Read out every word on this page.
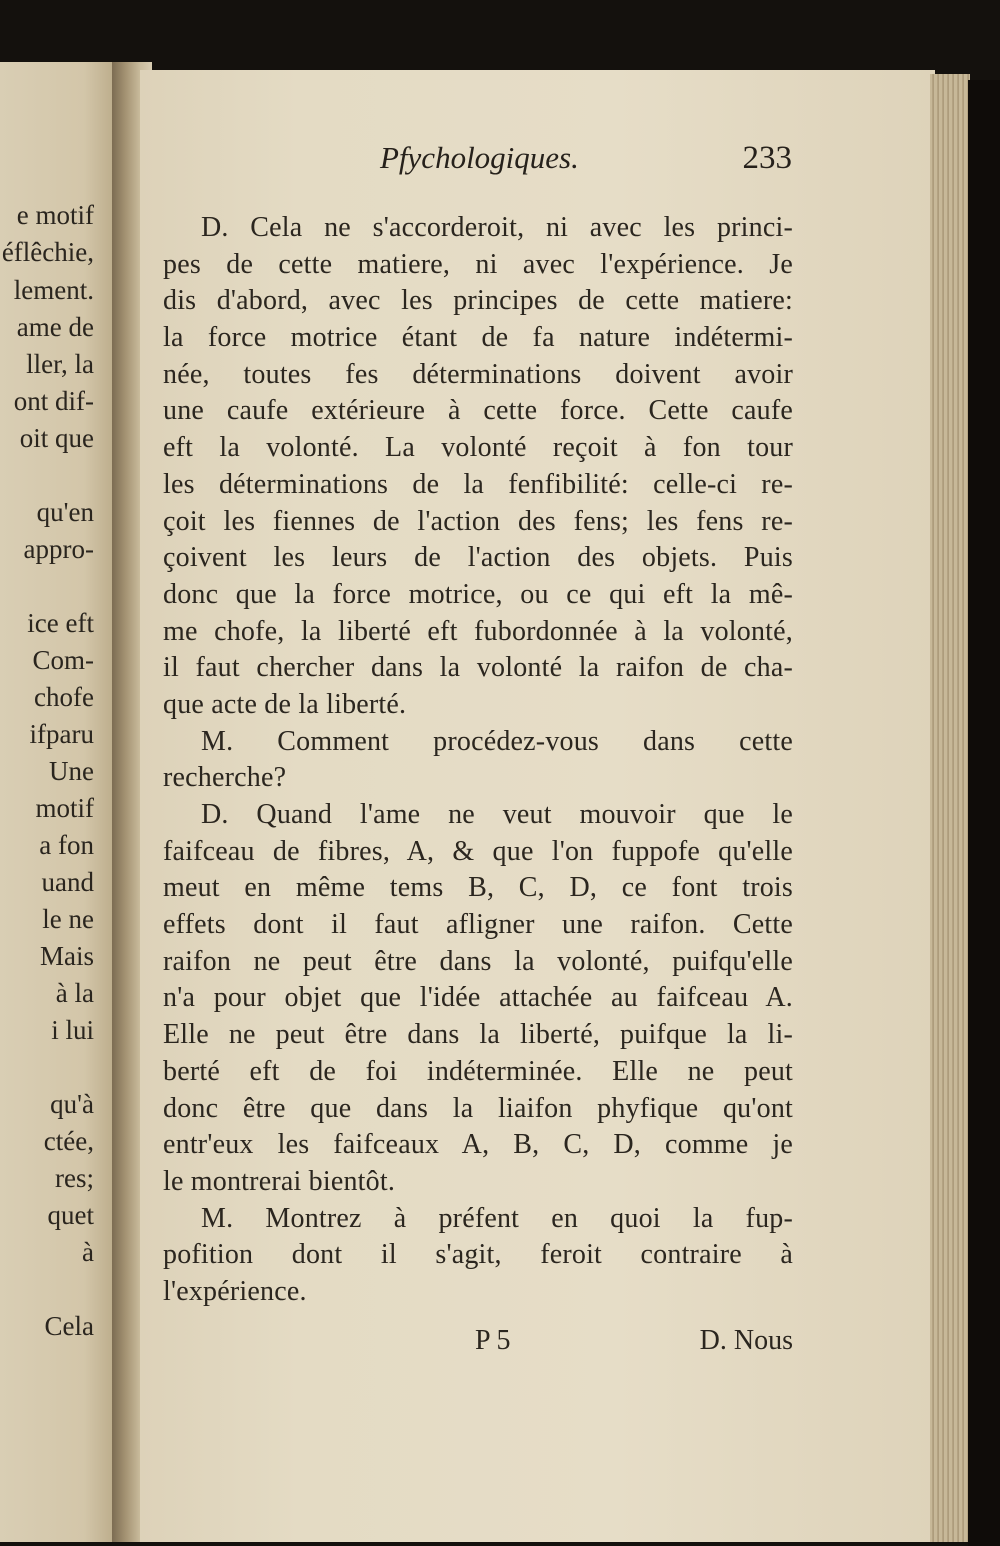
e motif
éflêchie,
lement.
ame de
ller, la
ont dif-
oit que
qu'en
appro-
ice eft
Com-
chofe
ifparu
Une
motif
a fon
uand
le ne
Mais
à la
i lui
qu'à
ctée,
res;
quet
à
Cela
Pfychologiques.	233
D. Cela ne s'accorderoit, ni avec les princi-
pes de cette matiere, ni avec l'expérience. Je
dis d'abord, avec les principes de cette matiere:
la force motrice étant de fa nature indétermi-
née, toutes fes déterminations doivent avoir
une caufe extérieure à cette force. Cette caufe
eft la volonté. La volonté reçoit à fon tour
les déterminations de la fenfibilité: celle-ci re-
çoit les fiennes de l'action des fens; les fens re-
çoivent les leurs de l'action des objets. Puis
donc que la force motrice, ou ce qui eft la mê-
me chofe, la liberté eft fubordonnée à la volonté,
il faut chercher dans la volonté la raifon de cha-
que acte de la liberté.
M. Comment procédez-vous dans cette
recherche?
D. Quand l'ame ne veut mouvoir que le
faifceau de fibres, A, & que l'on fuppofe qu'elle
meut en même tems B, C, D, ce font trois
effets dont il faut afligner une raifon. Cette
raifon ne peut être dans la volonté, puifqu'elle
n'a pour objet que l'idée attachée au faifceau A.
Elle ne peut être dans la liberté, puifque la li-
berté eft de foi indéterminée. Elle ne peut
donc être que dans la liaifon phyfique qu'ont
entr'eux les faifceaux A, B, C, D, comme je
le montrerai bientôt.
M. Montrez à préfent en quoi la fup-
pofition dont il s'agit, feroit contraire à
l'expérience.
P 5	D. Nous
